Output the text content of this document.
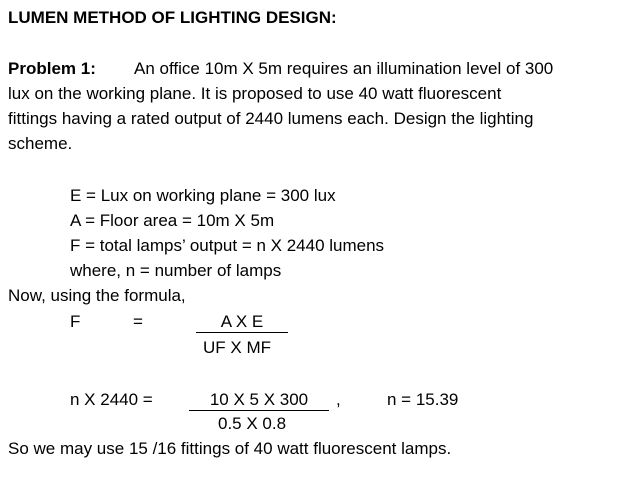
LUMEN METHOD OF LIGHTING DESIGN:
Problem 1: An office 10m X 5m requires an illumination level of 300
lux on the working plane. It is proposed to use 40 watt fluorescent
fittings having a rated output of 2440 lumens each. Design the lighting
scheme.
E = Lux on working plane = 300 lux
A = Floor area = 10m X 5m
F = total lamps’ output = n X 2440 lumens
where, n = number of lamps
Now, using the formula,
F	=	A X E
UF X MF
n X 2440 =	10 X 5 X 300	,	n = 15.39
0.5 X 0.8
So we may use 15 /16 fittings of 40 watt fluorescent lamps.
